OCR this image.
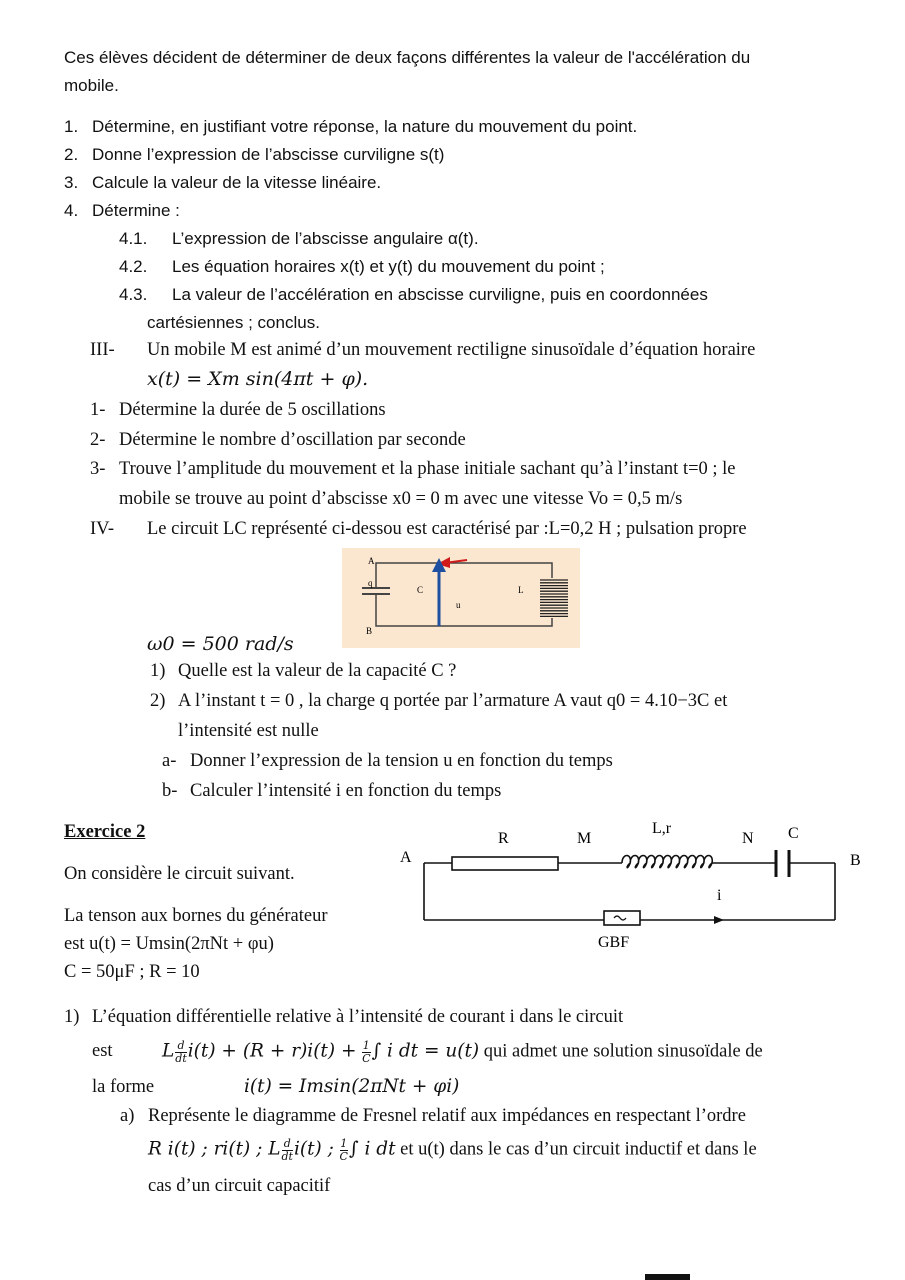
Ces élèves décident de déterminer de deux façons différentes la valeur de l'accélération du
mobile.
1. Détermine, en justifiant votre réponse, la nature du mouvement du point.
2. Donne l’expression de l’abscisse curviligne s(t)
3. Calcule la valeur de la vitesse linéaire.
4. Détermine :
4.1. L’expression de l’abscisse angulaire α(t).
4.2. Les équation horaires x(t) et y(t) du mouvement du point ;
4.3. La valeur de l’accélération en abscisse curviligne, puis en coordonnées
cartésiennes ; conclus.
III- Un mobile M est animé d’un mouvement rectiligne sinusoïdale d’équation horaire
x(t) = Xm sin(4πt + φ).
1- Détermine la durée de 5 oscillations
2- Détermine le nombre d’oscillation par seconde
3- Trouve l’amplitude du mouvement et la phase initiale sachant qu’à l’instant t=0 ; le
mobile se trouve au point d’abscisse x0 = 0 m avec une vitesse Vo = 0,5 m/s
IV- Le circuit LC représenté ci-dessou est caractérisé par :L=0,2 H ; pulsation propre
A
q
B
C
u
L
ω0 = 500 rad/s
1) Quelle est la valeur de la capacité C ?
2) A l’instant t = 0 , la charge q portée par l’armature A vaut q0 = 4.10−3C et
l’intensité est nulle
a- Donner l’expression de la tension u en fonction du temps
b- Calculer l’intensité i en fonction du temps
Exercice 2
On considère le circuit suivant.
La tenson aux bornes du générateur
est u(t) = Umsin(2πNt + φu)
C = 50μF ; R = 10
R	M
L,r
N C
A	B
i
GBF
1) L’équation différentielle relative à l’intensité de courant i dans le circuit
est	L $\frac{d}{dt} i(t) + (R + r)i(t) + \frac{1}{C}$ ∫ i dt = u(t) qui admet une solution sinusoïdale de
la forme	i(t) = Imsin(2πNt + φi)
a) Représente le diagramme de Fresnel relatif aux impédances en respectant l’ordre
R i(t) ; ri(t) ; L $\frac{d}{dt} i(t)$ ; $\frac{1}{C}$ ∫ i dt et u(t) dans le cas d’un circuit inductif et dans le
cas d’un circuit capacitif
